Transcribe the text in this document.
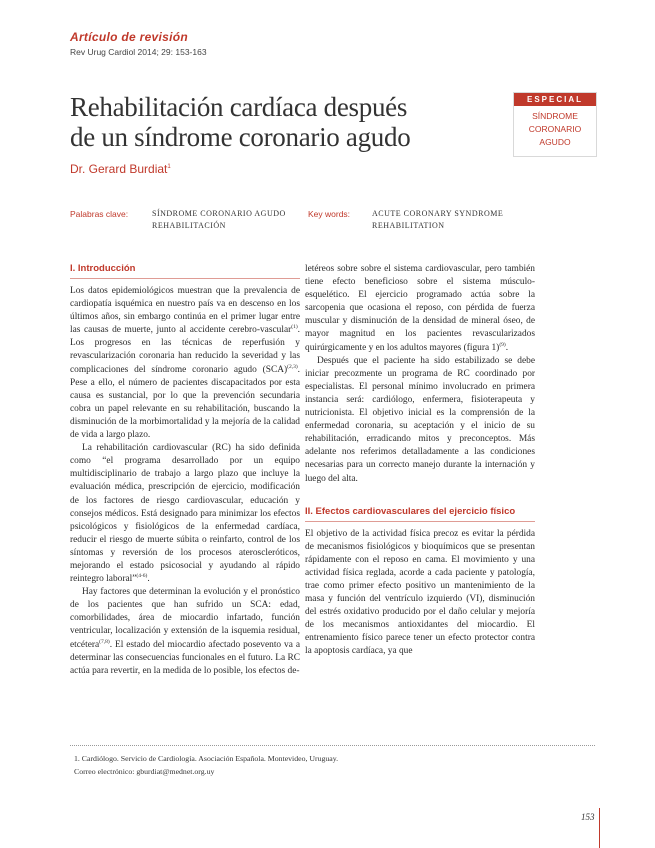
Artículo de revisión
Rev Urug Cardiol 2014; 29: 153-163
ESPECIAL
SÍNDROME
CORONARIO
AGUDO
Rehabilitación cardíaca después
de un síndrome coronario agudo
Dr. Gerard Burdiat$^1$
Palabras clave:	SÍNDROME CORONARIO AGUDO
REHABILITACIÓN
Key words:	ACUTE CORONARY SYNDROME
REHABILITATION
I. Introducción

Los datos epidemiológicos muestran que la prevalencia de cardiopatía isquémica en nuestro país va en descenso en los últimos años, sin embargo continúa en el primer lugar entre las causas de muerte, junto al accidente cerebro-vascular$^{(1)}$. Los progresos en las técnicas de reperfusión y revascularización coronaria han reducido la severidad y las complicaciones del síndrome coronario agudo (SCA)$^{(2,3)}$. Pese a ello, el número de pacientes discapacitados por esta causa es sustancial, por lo que la prevención secundaria cobra un papel relevante en su rehabilitación, buscando la disminución de la morbimortalidad y la mejoría de la calidad de vida a largo plazo.

La rehabilitación cardiovascular (RC) ha sido definida como “el programa desarrollado por un equipo multidisciplinario de trabajo a largo plazo que incluye la evaluación médica, prescripción de ejercicio, modificación de los factores de riesgo cardiovascular, educación y consejos médicos. Está designado para minimizar los efectos psicológicos y fisiológicos de la enfermedad cardíaca, reducir el riesgo de muerte súbita o reinfarto, control de los síntomas y reversión de los procesos ateroscleróticos, mejorando el estado psicosocial y ayudando al rápido reintegro laboral”$^{(4-6)}$.

Hay factores que determinan la evolución y el pronóstico de los pacientes que han sufrido un SCA: edad, comorbilidades, área de miocardio infartado, función ventricular, localización y extensión de la isquemia residual, etcétera$^{(7,8)}$. El estado del miocardio afectado posevento va a determinar las consecuencias funcionales en el futuro. La RC actúa para revertir, en la medida de lo posible, los efectos de-

letéreos sobre sobre el sistema cardiovascular, pero también tiene efecto beneficioso sobre el sistema músculo-esquelético. El ejercicio programado actúa sobre la sarcopenia que ocasiona el reposo, con pérdida de fuerza muscular y disminución de la densidad de mineral óseo, de mayor magnitud en los pacientes revascularizados quirúrgicamente y en los adultos mayores (figura 1)$^{(9)}$.

Después que el paciente ha sido estabilizado se debe iniciar precozmente un programa de RC coordinado por especialistas. El personal mínimo involucrado en primera instancia será: cardiólogo, enfermera, fisioterapeuta y nutricionista. El objetivo inicial es la comprensión de la enfermedad coronaria, su aceptación y el inicio de su rehabilitación, erradicando mitos y preconceptos. Más adelante nos referimos detalladamente a las condiciones necesarias para un correcto manejo durante la internación y luego del alta.

II. Efectos cardiovasculares del ejercicio físico

El objetivo de la actividad física precoz es evitar la pérdida de mecanismos fisiológicos y bioquímicos que se presentan rápidamente con el reposo en cama. El movimiento y una actividad física reglada, acorde a cada paciente y patología, trae como primer efecto positivo un mantenimiento de la masa y función del ventrículo izquierdo (VI), disminución del estrés oxidativo producido por el daño celular y mejoría de los mecanismos antioxidantes del miocardio. El entrenamiento físico parece tener un efecto protector contra la apoptosis cardíaca, ya que

1. Cardiólogo. Servicio de Cardiología. Asociación Española. Montevideo, Uruguay.
Correo electrónico: gburdiat@mednet.org.uy
153
